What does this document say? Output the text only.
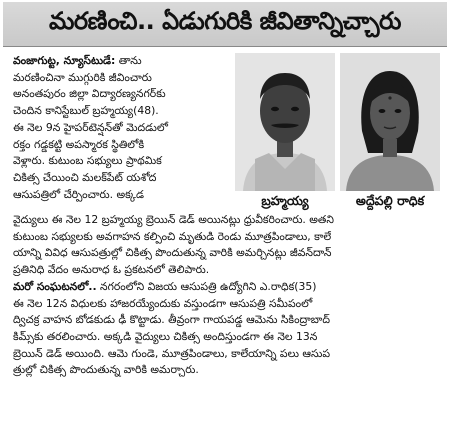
మరణించి.. ఏడుగురికి జీవితాన్నిచ్చారు
వంజాగుట్ట, న్యూస్‌టుడే: తాను
మరణించినా ముగ్గురికి జీవించారు
అనంతపురం జిల్లా విద్యారణ్యనగర్‌కు
చెందిన కానిస్టేబుల్ బ్రహ్మయ్య(48).
ఈ నెల 9న హైపర్‌టెన్షన్‌తో మెదడులో
రక్తం గడ్డకట్టి అపస్మారక స్థితిలోకి
వెళ్లారు. కుటుంబ సభ్యులు ప్రాథమిక
చికిత్స చేయించి మలక్‌పేట్ యశోద
ఆసుపత్రిలో చేర్పించారు. అక్కడ	బ్రహ్మయ్య	అద్దేపల్లి రాధిక
వైద్యులు ఈ నెల 12 బ్రహ్మయ్య బ్రెయిన్ డెడ్ అయినట్లు ధ్రువీకరించారు. అతని
కుటుంబ సభ్యులకు అవగాహన కల్పించి మృతుడి రెండు మూత్రపిండాలు, కాలే
యాన్ని వివిధ ఆసుపత్రుల్లో చికిత్స పొందుతున్న వారికి అమర్చినట్లు జీవన్‌దాన్
ప్రతినిధి వేదం అనురాధ ఓ ప్రకటనలో తెలిపారు.
మరో సంఘటనలో.. నగరంలోని విజయ ఆసుపత్రి ఉద్యోగిని ఎ.రాధిక(35)
ఈ నెల 12న విధులకు హాజరయ్యేందుకు వస్తుండగా ఆసుపత్రి సమీపంలో
ద్విచక్ర వాహన బోడకుడు ఢీ కొట్టాడు. తీవ్రంగా గాయపడ్డ ఆమెను సికింద్రాబాద్
కిమ్స్‌కు తరలించారు. అక్కడి వైద్యులు చికిత్స అందిస్తుండగా ఈ నెల 13న
బ్రెయిన్ డెడ్ అయింది. ఆమె గుండె, మూత్రపిండాలు, కాలేయాన్ని పలు ఆసుప
త్రుల్లో చికిత్స పొందుతున్న వారికి అమర్చారు.
